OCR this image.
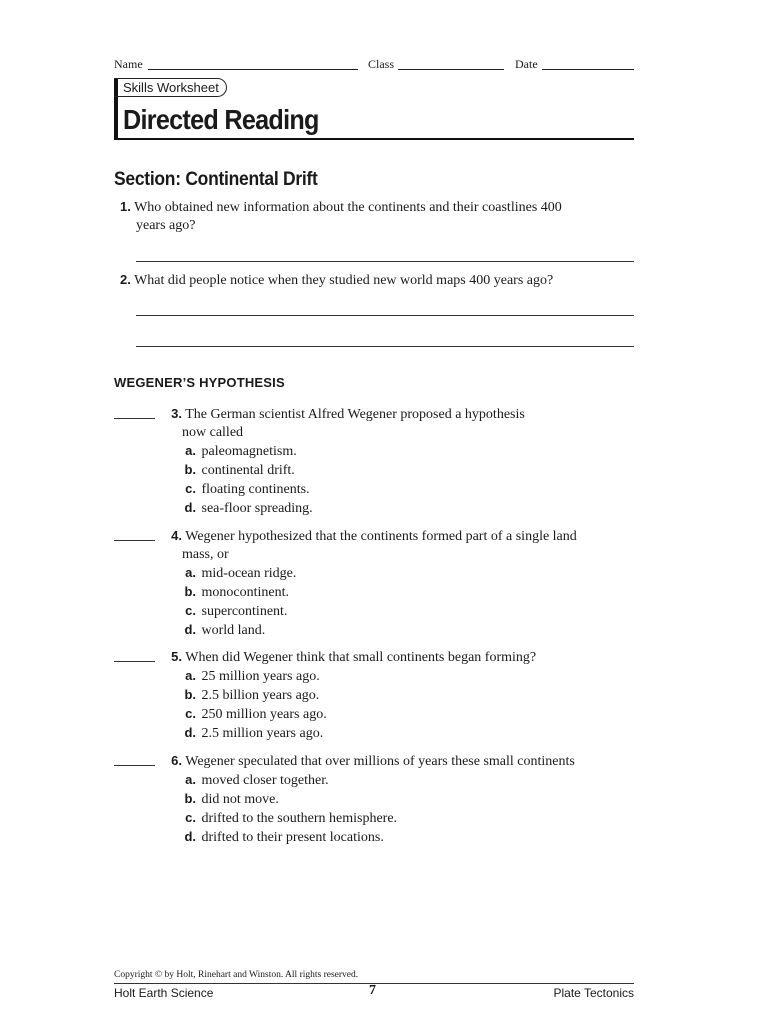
Name	Class	Date
Skills Worksheet
Directed Reading
Section: Continental Drift
1. Who obtained new information about the continents and their coastlines 400
years ago?
2. What did people notice when they studied new world maps 400 years ago?
WEGENER’S HYPOTHESIS
3. The German scientist Alfred Wegener proposed a hypothesis
now called
a. paleomagnetism.
b. continental drift.
c. floating continents.
d. sea-floor spreading.
4. Wegener hypothesized that the continents formed part of a single land
mass, or
a. mid-ocean ridge.
b. monocontinent.
c. supercontinent.
d. world land.
5. When did Wegener think that small continents began forming?
a. 25 million years ago.
b. 2.5 billion years ago.
c. 250 million years ago.
d. 2.5 million years ago.
6. Wegener speculated that over millions of years these small continents
a. moved closer together.
b. did not move.
c. drifted to the southern hemisphere.
d. drifted to their present locations.
Copyright © by Holt, Rinehart and Winston. All rights reserved.
Holt Earth Science	7	Plate Tectonics
